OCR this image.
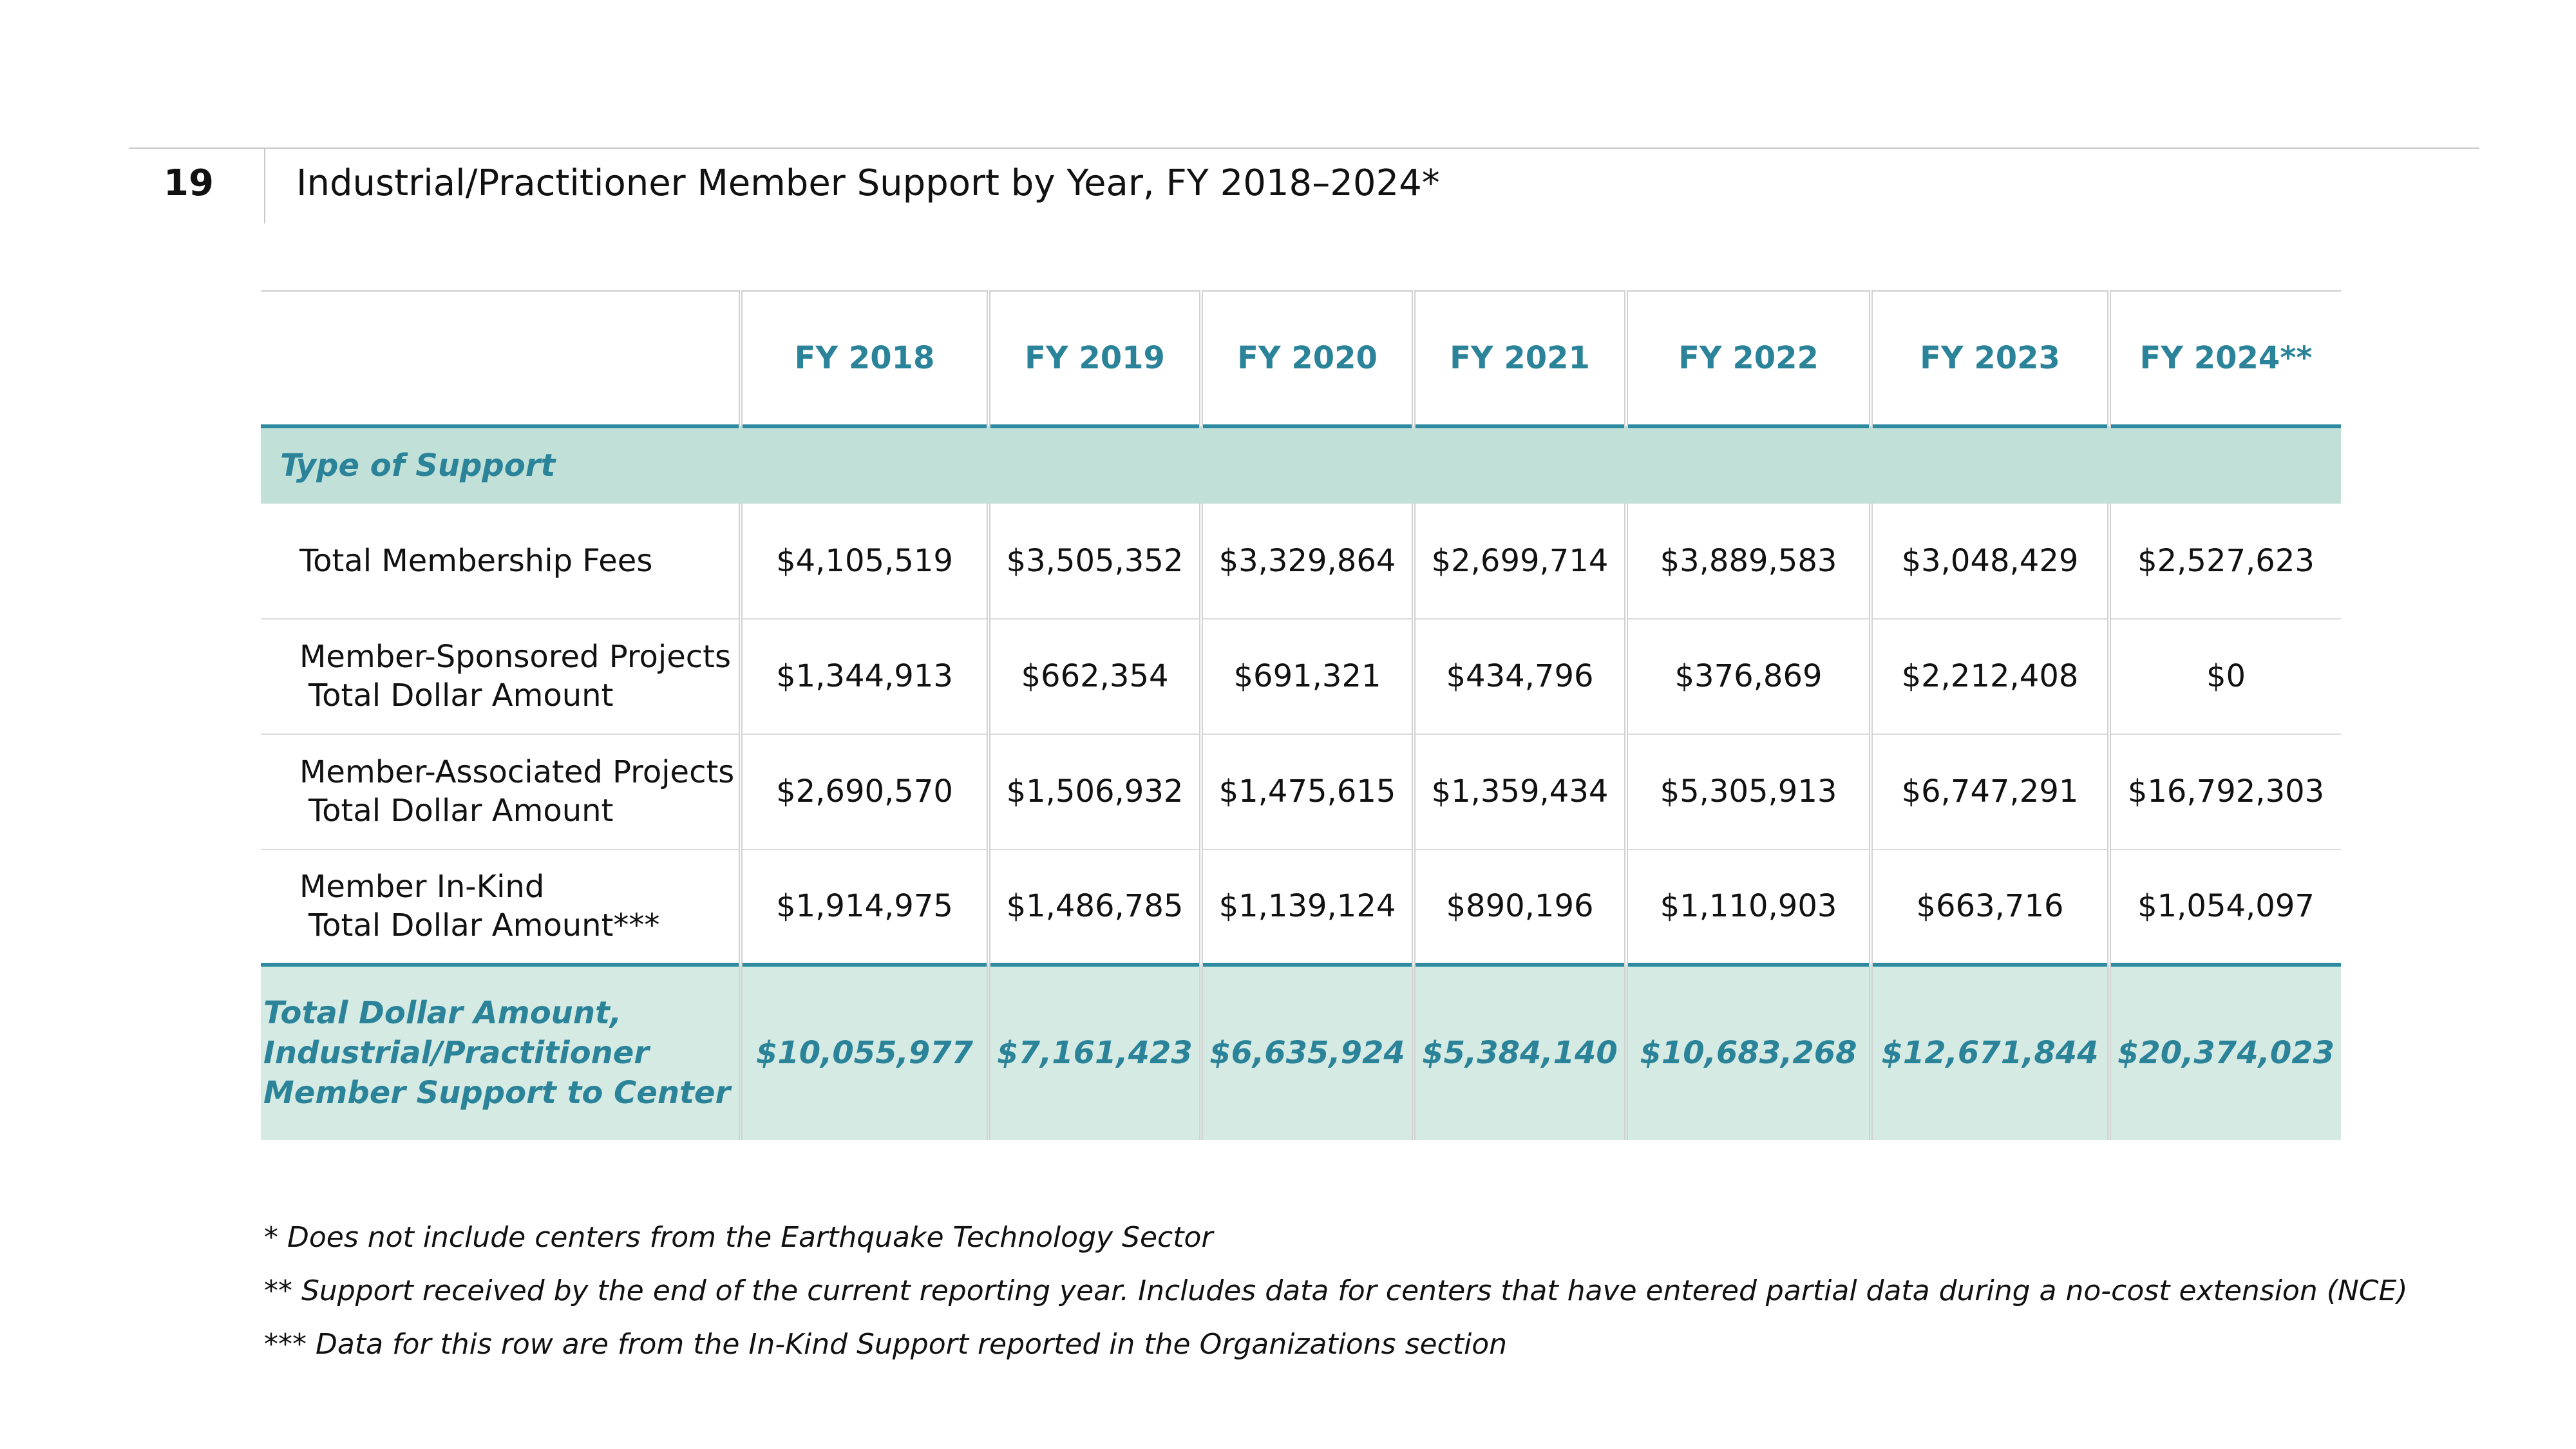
19 Industrial/Practitioner Member Support by Year, FY 2018–2024*
	FY 2018	FY 2019	FY 2020	FY 2021	FY 2022	FY 2023	FY 2024**
Type of Support							
Total Membership Fees	$4,105,519	$3,505,352	$3,329,864	$2,699,714	$3,889,583	$3,048,429	$2,527,623
Member-Sponsored Projects
Total Dollar Amount	$1,344,913	$662,354	$691,321	$434,796	$376,869	$2,212,408	$0
Member-Associated Projects
Total Dollar Amount	$2,690,570	$1,506,932	$1,475,615	$1,359,434	$5,305,913	$6,747,291	$16,792,303
Member In-Kind
Total Dollar Amount***	$1,914,975	$1,486,785	$1,139,124	$890,196	$1,110,903	$663,716	$1,054,097
Total Dollar Amount,
Industrial/Practitioner
Member Support to Center	$10,055,977	$7,161,423	$6,635,924	$5,384,140	$10,683,268	$12,671,844	$20,374,023
* Does not include centers from the Earthquake Technology Sector
** Support received by the end of the current reporting year. Includes data for centers that have entered partial data during a no-cost extension (NCE)
*** Data for this row are from the In-Kind Support reported in the Organizations section
